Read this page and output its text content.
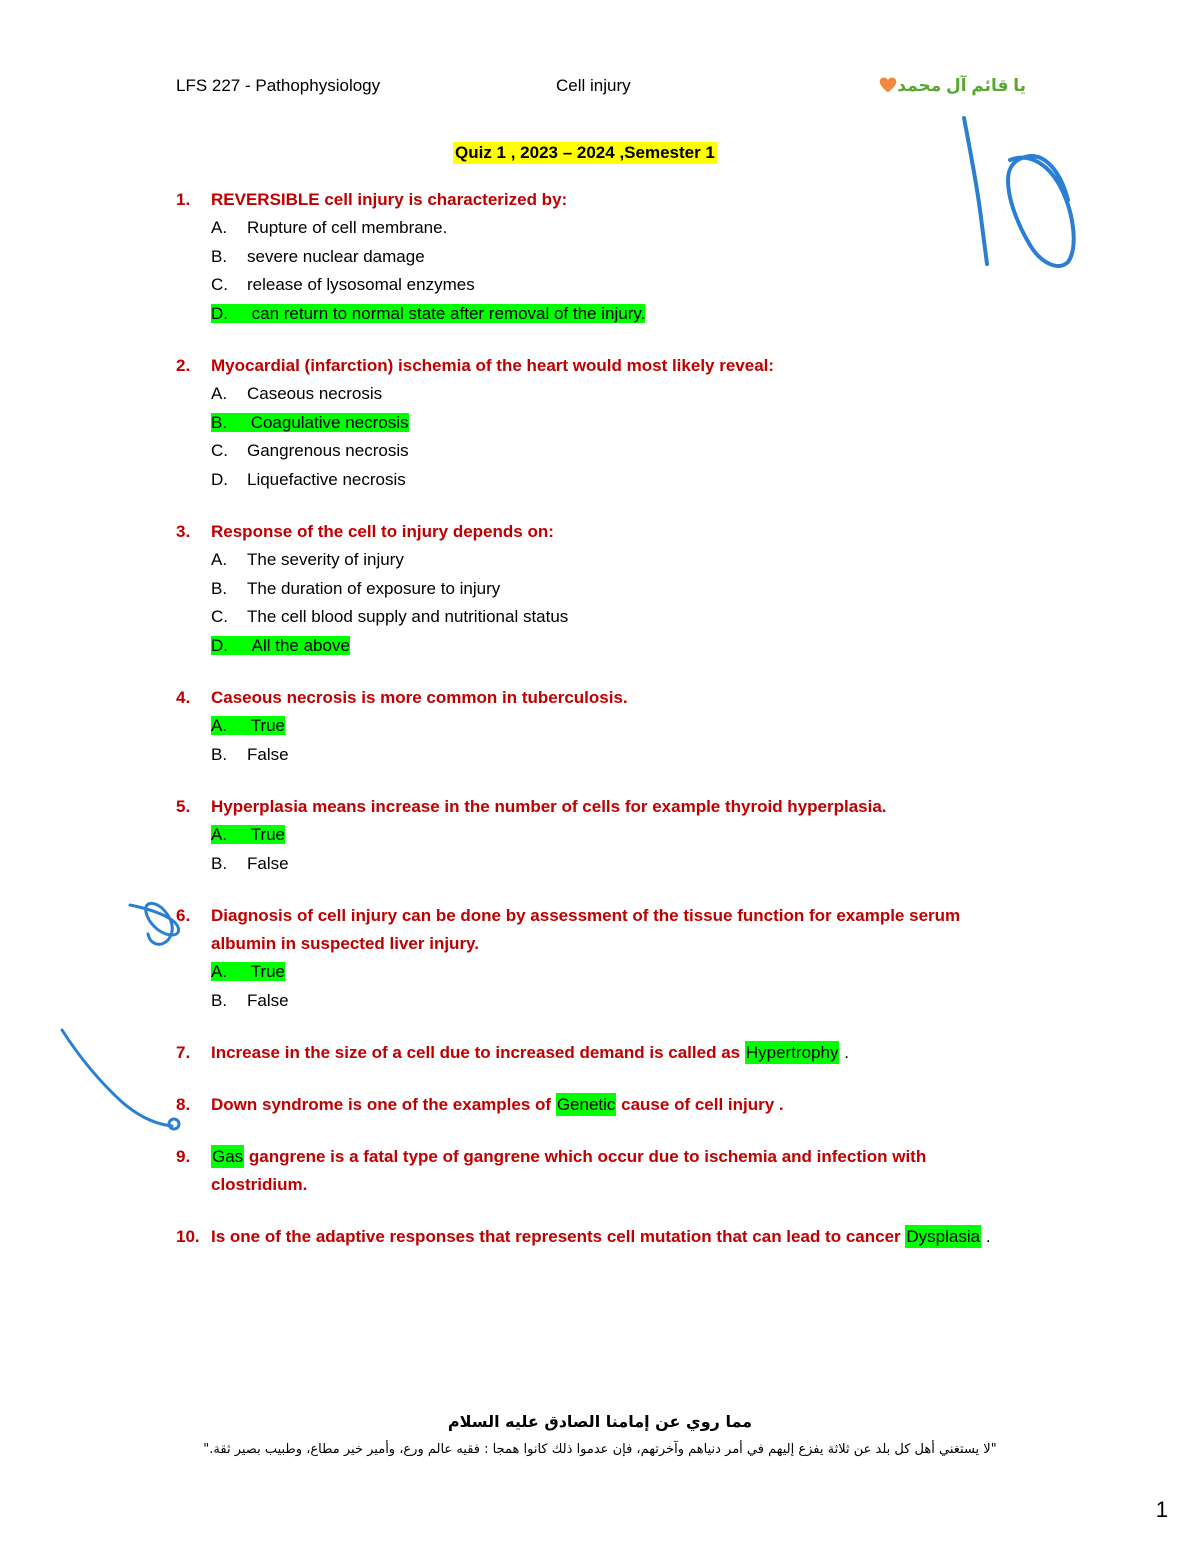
LFS 227 - Pathophysiology	Cell injury	يا قائم آل محمد
Quiz 1 , 2023 – 2024 ,Semester 1
1. REVERSIBLE cell injury is characterized by:
A. Rupture of cell membrane.
B. severe nuclear damage
C. release of lysosomal enzymes
D. can return to normal state after removal of the injury.
2. Myocardial (infarction) ischemia of the heart would most likely reveal:
A. Caseous necrosis
B. Coagulative necrosis
C. Gangrenous necrosis
D. Liquefactive necrosis
3. Response of the cell to injury depends on:
A. The severity of injury
B. The duration of exposure to injury
C. The cell blood supply and nutritional status
D. All the above
4. Caseous necrosis is more common in tuberculosis.
A. True
B. False
5. Hyperplasia means increase in the number of cells for example thyroid hyperplasia.
A. True
B. False
6. Diagnosis of cell injury can be done by assessment of the tissue function for example serum albumin in suspected liver injury.
A. True
B. False
7. Increase in the size of a cell due to increased demand is called as Hypertrophy .
8. Down syndrome is one of the examples of Genetic cause of cell injury .
9. Gas gangrene is a fatal type of gangrene which occur due to ischemia and infection with clostridium.
10. Is one of the adaptive responses that represents cell mutation that can lead to cancer Dysplasia .
مما روي عن إمامنا الصادق عليه السلام
"لا يستغني أهل كل بلد عن ثلاثة يفزع إليهم في أمر دنياهم وآخرتهم، فإن عدموا ذلك كانوا همجا : فقيه عالم ورع، وأمير خير مطاع، وطبيب بصير ثقة."
1
